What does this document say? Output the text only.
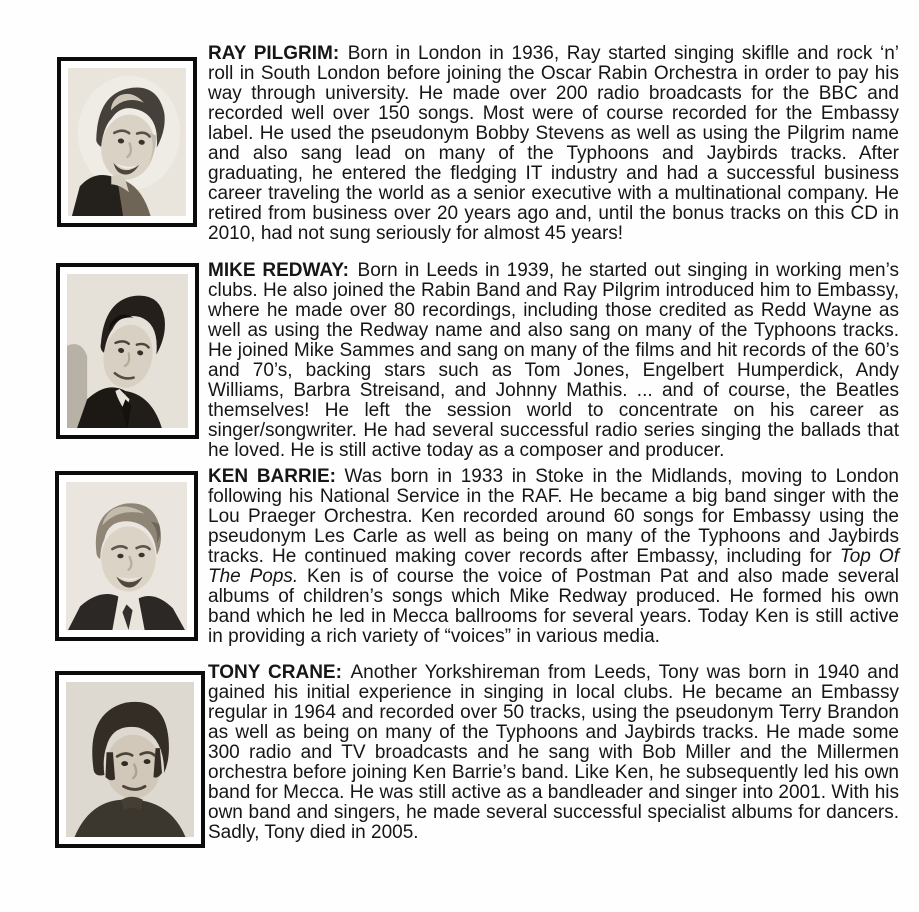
RAY PILGRIM: Born in London in 1936, Ray started singing skiflle and rock ‘n’ roll in South London before joining the Oscar Rabin Orchestra in order to pay his way through university. He made over 200 radio broadcasts for the BBC and recorded well over 150 songs. Most were of course recorded for the Embassy label. He used the pseudonym Bobby Stevens as well as using the Pilgrim name and also sang lead on many of the Typhoons and Jaybirds tracks. After graduating, he entered the fledging IT industry and had a successful business career traveling the world as a senior executive with a multinational company. He retired from business over 20 years ago and, until the bonus tracks on this CD in 2010, had not sung seriously for almost 45 years!

MIKE REDWAY: Born in Leeds in 1939, he started out singing in working men’s clubs. He also joined the Rabin Band and Ray Pilgrim introduced him to Embassy, where he made over 80 recordings, including those credited as Redd Wayne as well as using the Redway name and also sang on many of the Typhoons tracks. He joined Mike Sammes and sang on many of the films and hit records of the 60’s and 70’s, backing stars such as Tom Jones, Engelbert Humperdick, Andy Williams, Barbra Streisand, and Johnny Mathis. ... and of course, the Beatles themselves! He left the session world to concentrate on his career as singer/songwriter. He had several successful radio series singing the ballads that he loved. He is still active today as a composer and producer.

KEN BARRIE: Was born in 1933 in Stoke in the Midlands, moving to London following his National Service in the RAF. He became a big band singer with the Lou Praeger Orchestra. Ken recorded around 60 songs for Embassy using the pseudonym Les Carle as well as being on many of the Typhoons and Jaybirds tracks. He continued making cover records after Embassy, including for Top Of The Pops. Ken is of course the voice of Postman Pat and also made several albums of children’s songs which Mike Redway produced. He formed his own band which he led in Mecca ballrooms for several years. Today Ken is still active in providing a rich variety of “voices” in various media.

TONY CRANE: Another Yorkshireman from Leeds, Tony was born in 1940 and gained his initial experience in singing in local clubs. He became an Embassy regular in 1964 and recorded over 50 tracks, using the pseudonym Terry Brandon as well as being on many of the Typhoons and Jaybirds tracks. He made some 300 radio and TV broadcasts and he sang with Bob Miller and the Millermen orchestra before joining Ken Barrie’s band. Like Ken, he subsequently led his own band for Mecca. He was still active as a bandleader and singer into 2001. With his own band and singers, he made several successful specialist albums for dancers. Sadly, Tony died in 2005.
